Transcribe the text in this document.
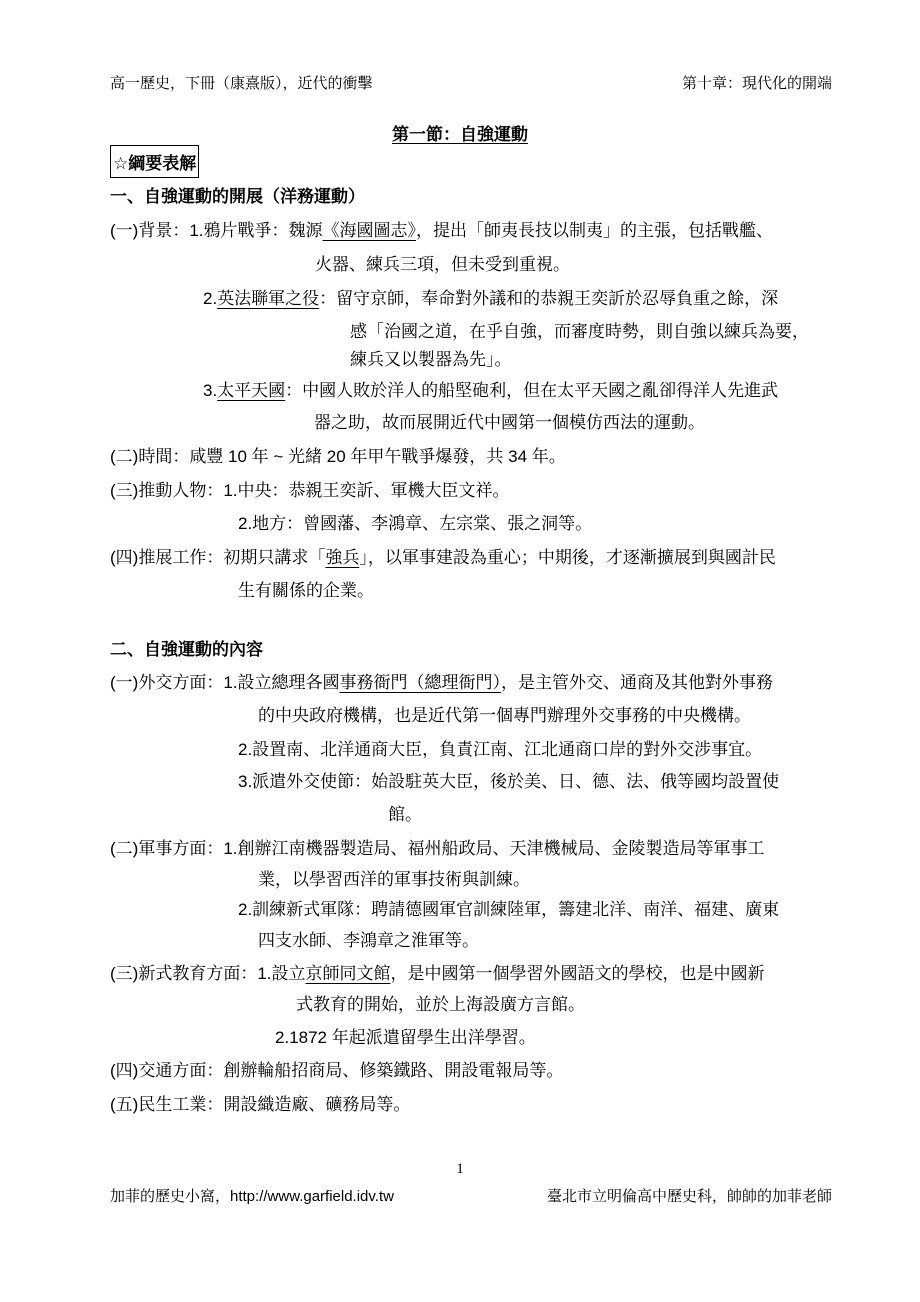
高一歷史，下冊（康熹版），近代的衝擊	第十章：現代化的開端
第一節：自強運動
☆綱要表解
一、自強運動的開展（洋務運動）
(一)背景：1.鴉片戰爭：魏源《海國圖志》，提出「師夷長技以制夷」的主張，包括戰艦、
火器、練兵三項，但未受到重視。
2.英法聯軍之役：留守京師，奉命對外議和的恭親王奕訢於忍辱負重之餘，深
感「治國之道，在乎自強，而審度時勢，則自強以練兵為要，
練兵又以製器為先」。
3.太平天國：中國人敗於洋人的船堅砲利，但在太平天國之亂卻得洋人先進武
器之助，故而展開近代中國第一個模仿西法的運動。
(二)時間：咸豐 10 年 ~ 光緒 20 年甲午戰爭爆發，共 34 年。
(三)推動人物：1.中央：恭親王奕訢、軍機大臣文祥。
2.地方：曾國藩、李鴻章、左宗棠、張之洞等。
(四)推展工作：初期只講求「強兵」，以軍事建設為重心；中期後，才逐漸擴展到與國計民
生有關係的企業。
二、自強運動的內容
(一)外交方面：1.設立總理各國事務衙門（總理衙門），是主管外交、通商及其他對外事務
的中央政府機構，也是近代第一個專門辦理外交事務的中央機構。
2.設置南、北洋通商大臣，負責江南、江北通商口岸的對外交涉事宜。
3.派遣外交使節：始設駐英大臣，後於美、日、德、法、俄等國均設置使
館。
(二)軍事方面：1.創辦江南機器製造局、福州船政局、天津機械局、金陵製造局等軍事工
業，以學習西洋的軍事技術與訓練。
2.訓練新式軍隊：聘請德國軍官訓練陸軍，籌建北洋、南洋、福建、廣東
四支水師、李鴻章之淮軍等。
(三)新式教育方面：1.設立京師同文館，是中國第一個學習外國語文的學校，也是中國新
式教育的開始，並於上海設廣方言館。
2.1872 年起派遣留學生出洋學習。
(四)交通方面：創辦輪船招商局、修築鐵路、開設電報局等。
(五)民生工業：開設織造廠、礦務局等。
1
加菲的歷史小窩，http://www.garfield.idv.tw	臺北市立明倫高中歷史科，帥帥的加菲老師
